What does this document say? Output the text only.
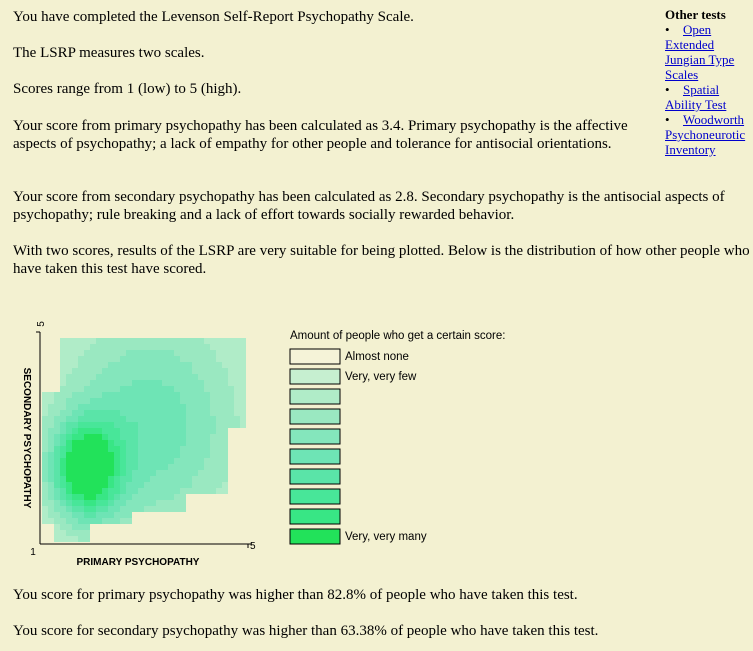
You have completed the Levenson Self-Report Psychopathy Scale.

The LSRP measures two scales.

Scores range from 1 (low) to 5 (high).

Your score from primary psychopathy has been calculated as 3.4. Primary psychopathy is the affective aspects of psychopathy; a lack of empathy for other people and tolerance for antisocial orientations.

Your score from secondary psychopathy has been calculated as 2.8. Secondary psychopathy is the antisocial aspects of psychopathy; rule breaking and a lack of effort towards socially rewarded behavior.

With two scores, results of the LSRP are very suitable for being plotted. Below is the distribution of how other people who have taken this test have scored.

You score for primary psychopathy was higher than 82.8% of people who have taken this test.

You score for secondary psychopathy was higher than 63.38% of people who have taken this test.

Other tests
• Open Extended Jungian Type Scales
• Spatial Ability Test
• Woodworth Psychoneurotic Inventory
5
1
5
PRIMARY PSYCHOPATHY
SECONDARY PSYCHOPATHY
Amount of people who get a certain score:
Almost none
Very, very few
Very, very many
